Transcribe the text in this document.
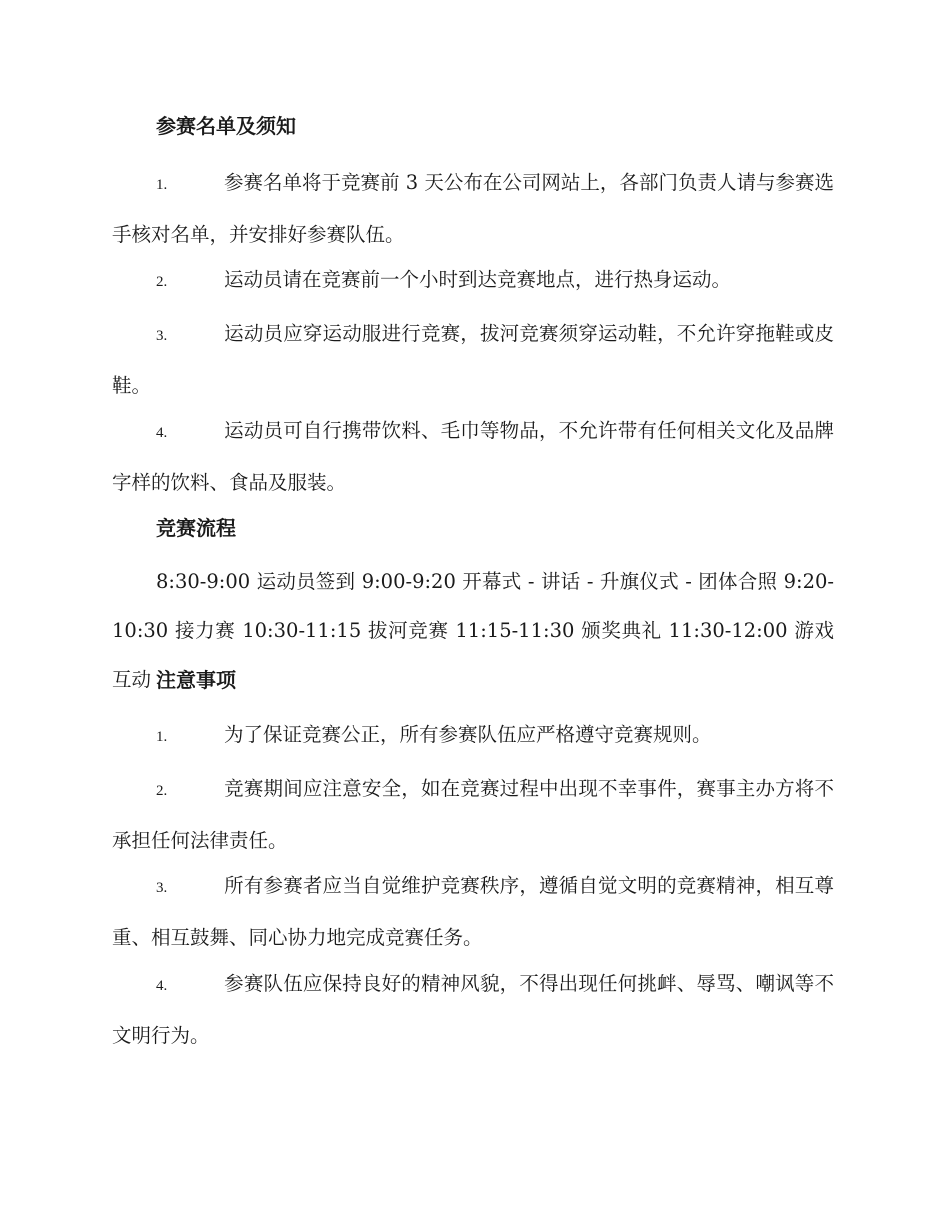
参赛名单及须知

1.	参赛名单将于竞赛前 3 天公布在公司网站上，各部门负责人请与参赛选手核对名单，并安排好参赛队伍。

2.	运动员请在竞赛前一个小时到达竞赛地点，进行热身运动。

3.	运动员应穿运动服进行竞赛，拔河竞赛须穿运动鞋，不允许穿拖鞋或皮鞋。

4.	运动员可自行携带饮料、毛巾等物品，不允许带有任何相关文化及品牌字样的饮料、食品及服装。

竞赛流程

8:30-9:00 运动员签到 9:00-9:20 开幕式 - 讲话 - 升旗仪式 - 团体合照 9:20-10:30 接力赛 10:30-11:15 拔河竞赛 11:15-11:30 颁奖典礼 11:30-12:00 游戏互动 注意事项

1.	为了保证竞赛公正，所有参赛队伍应严格遵守竞赛规则。

2.	竞赛期间应注意安全，如在竞赛过程中出现不幸事件，赛事主办方将不承担任何法律责任。

3.	所有参赛者应当自觉维护竞赛秩序，遵循自觉文明的竞赛精神，相互尊重、相互鼓舞、同心协力地完成竞赛任务。

4.	参赛队伍应保持良好的精神风貌，不得出现任何挑衅、辱骂、嘲讽等不文明行为。
